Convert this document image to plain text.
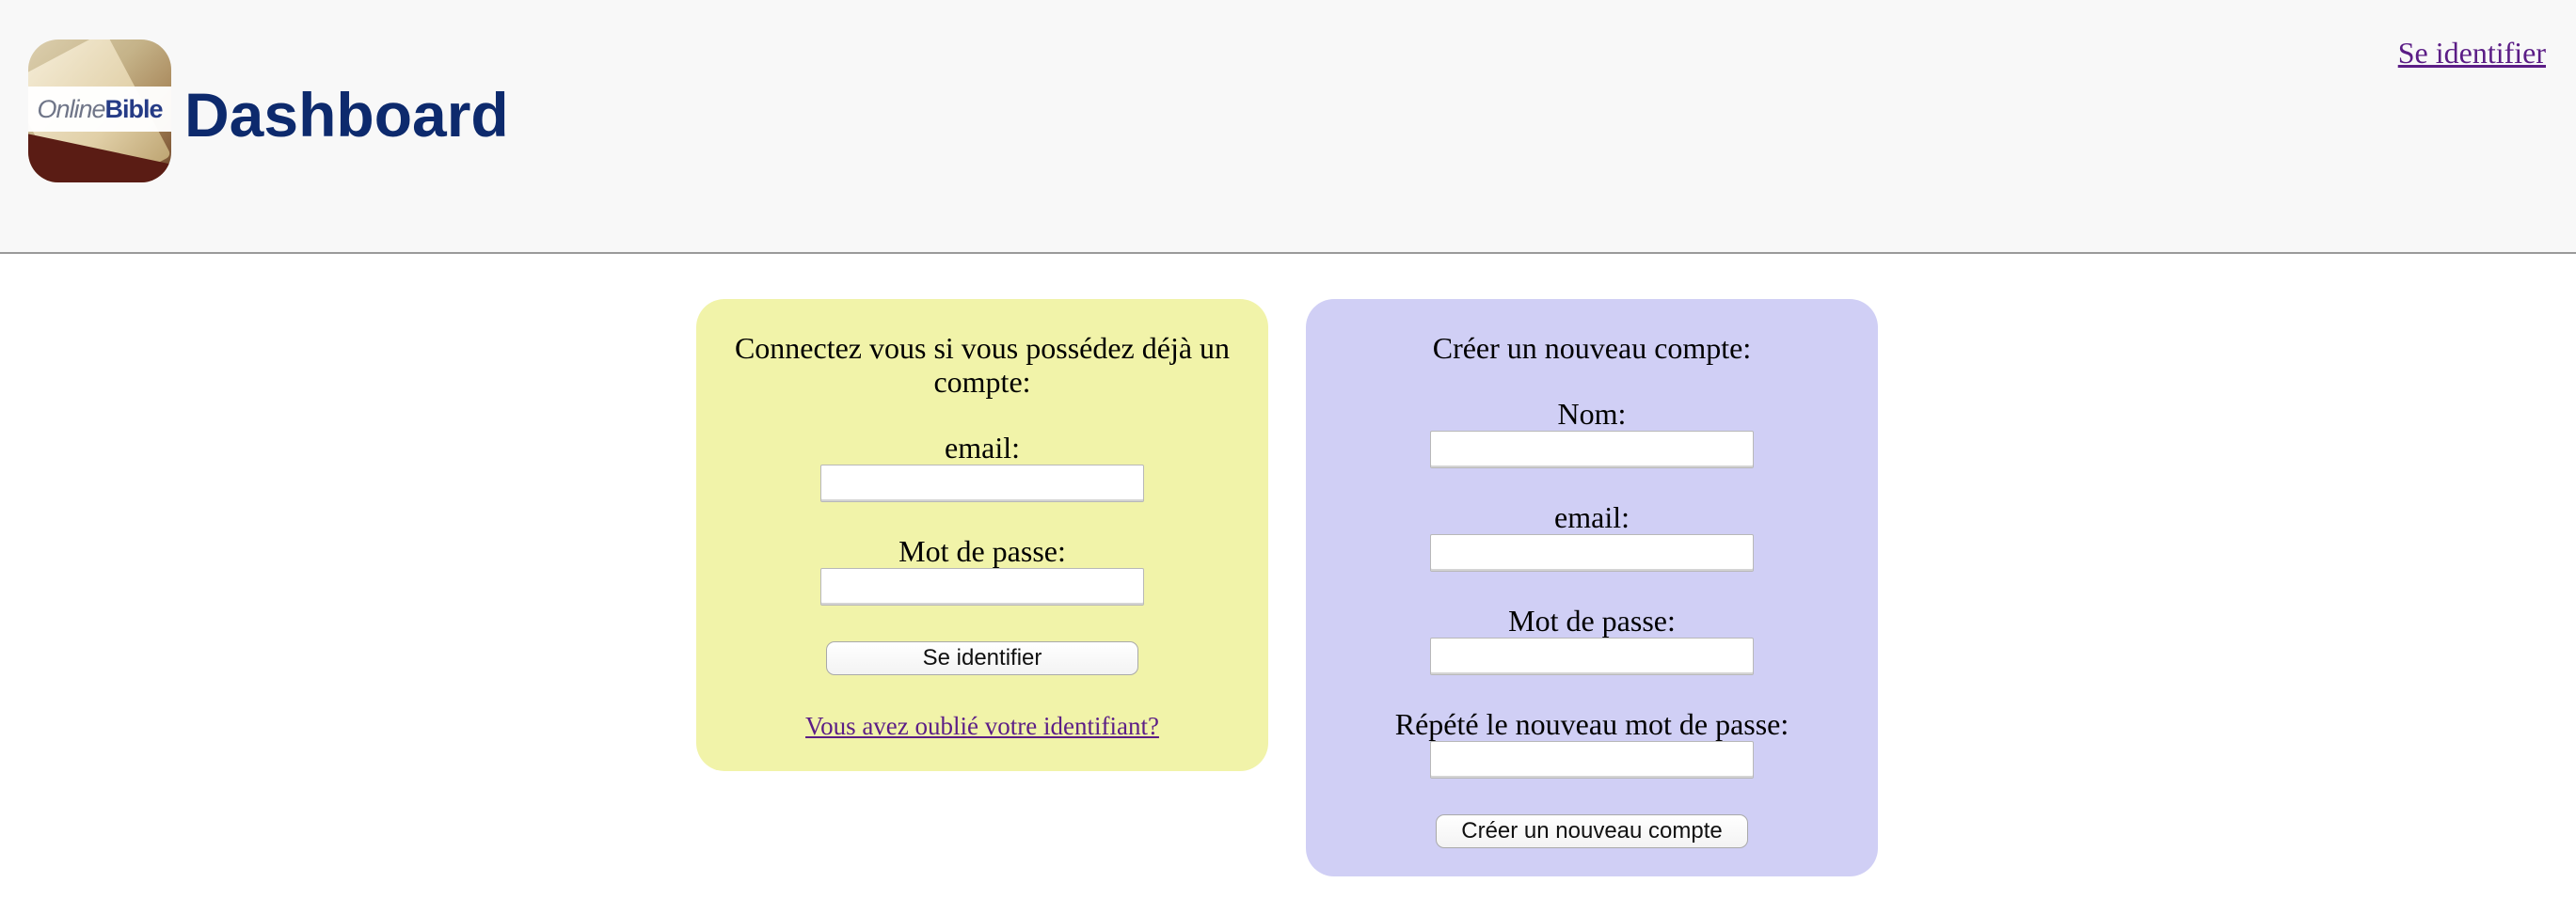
Online Bible Dashboard
Se identifier
Connectez vous si vous possédez déjà un compte:
email:
Mot de passe:
Se identifier
Vous avez oublié votre identifiant?
Créer un nouveau compte:
Nom:
email:
Mot de passe:
Répété le nouveau mot de passe:
Créer un nouveau compte
